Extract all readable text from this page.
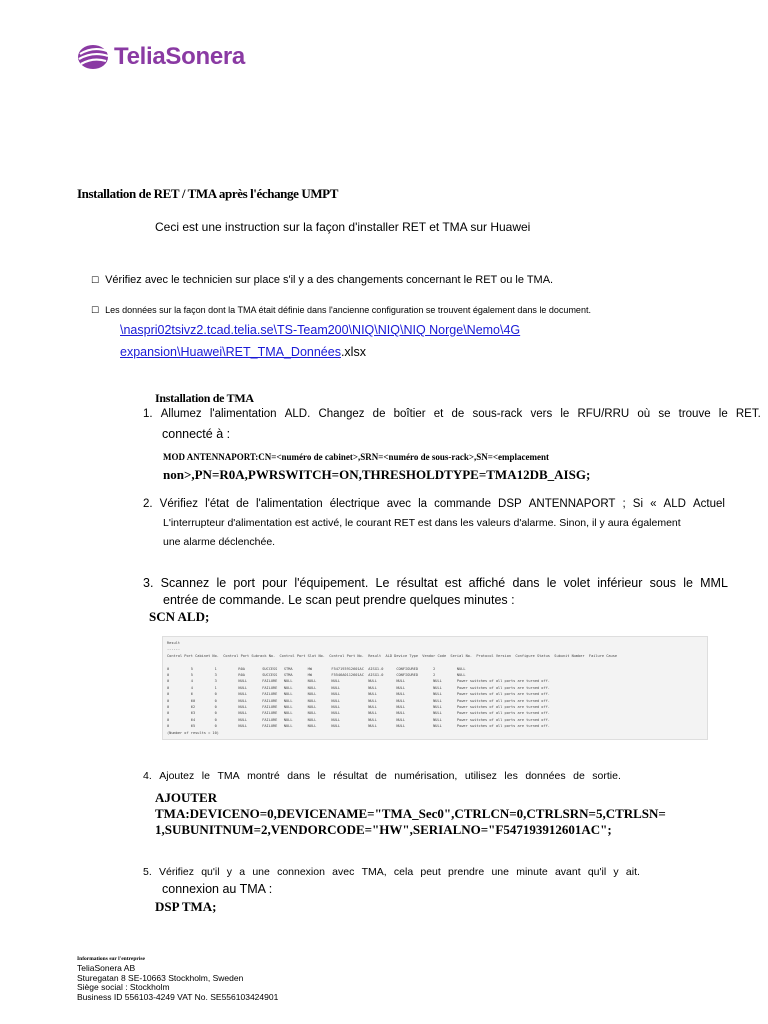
TeliaSonera
Installation de RET / TMA après l'échange UMPT
Ceci est une instruction sur la façon d'installer RET et TMA sur Huawei
☐ Vérifiez avec le technicien sur place s'il y a des changements concernant le RET ou le TMA.
☐ Les données sur la façon dont la TMA était définie dans l'ancienne configuration se trouvent également dans le document.
\naspri02tsivz2.tcad.telia.se\TS-Team200\NIQ\NIQ\NIQ Norge\Nemo\4G
expansion\Huawei\RET_TMA_Données.xlsx
Installation de TMA
1. Allumez l'alimentation ALD. Changez de boîtier et de sous-rack vers le RFU/RRU où se trouve le RET.
connecté à :
MOD ANTENNAPORT:CN=<numéro de cabinet>,SRN=<numéro de sous-rack>,SN=<emplacement
non>,PN=R0A,PWRSWITCH=ON,THRESHOLDTYPE=TMA12DB_AISG;
2. Vérifiez l'état de l'alimentation électrique avec la commande DSP ANTENNAPORT ; Si « ALD Actuel
L'interrupteur d'alimentation est activé, le courant RET est dans les valeurs d'alarme. Sinon, il y aura également
une alarme déclenchée.
3. Scannez le port pour l'équipement. Le résultat est affiché dans le volet inférieur sous le MML
entrée de commande. Le scan peut prendre quelques minutes :
SCN ALD;
Result
------
Control Port Cabinet No.  Control Port Subrack No.  Control Port Slot No.  Control Port No.  Result  ALD Device Type  Vendor Code  Serial No.  Protocol Version  Configure Status  Subunit Number  Failure Cause
0          5          1          R0A        SUCCESS   STMA       HW         F547193912601AC  AISG1.0      CONFIGURED       2          NULL
0          5          3          R0A        SUCCESS   STMA       HW         F5546A0112601AC  AISG1.0      CONFIGURED       2          NULL
0          4          3          NULL       FAILURE   NULL       NULL       NULL             NULL         NULL             NULL       Power switches of all ports are turned off.
0          4          1          NULL       FAILURE   NULL       NULL       NULL             NULL         NULL             NULL       Power switches of all ports are turned off.
0          6          0          NULL       FAILURE   NULL       NULL       NULL             NULL         NULL             NULL       Power switches of all ports are turned off.
0          60         0          NULL       FAILURE   NULL       NULL       NULL             NULL         NULL             NULL       Power switches of all ports are turned off.
0          62         0          NULL       FAILURE   NULL       NULL       NULL             NULL         NULL             NULL       Power switches of all ports are turned off.
0          63         0          NULL       FAILURE   NULL       NULL       NULL             NULL         NULL             NULL       Power switches of all ports are turned off.
0          64         0          NULL       FAILURE   NULL       NULL       NULL             NULL         NULL             NULL       Power switches of all ports are turned off.
0          65         0          NULL       FAILURE   NULL       NULL       NULL             NULL         NULL             NULL       Power switches of all ports are turned off.
(Number of results = 10)
4. Ajoutez le TMA montré dans le résultat de numérisation, utilisez les données de sortie.
AJOUTER
TMA:DEVICENO=0,DEVICENAME="TMA_Sec0",CTRLCN=0,CTRLSRN=5,CTRLSN=
1,SUBUNITNUM=2,VENDORCODE="HW",SERIALNO="F547193912601AC";
5. Vérifiez qu'il y a une connexion avec TMA, cela peut prendre une minute avant qu'il y ait.
connexion au TMA :
DSP TMA;
Informations sur l'entreprise
TeliaSonera AB
Sturegatan 8 SE-10663 Stockholm, Sweden
Siège social : Stockholm
Business ID 556103-4249 VAT No. SE556103424901
